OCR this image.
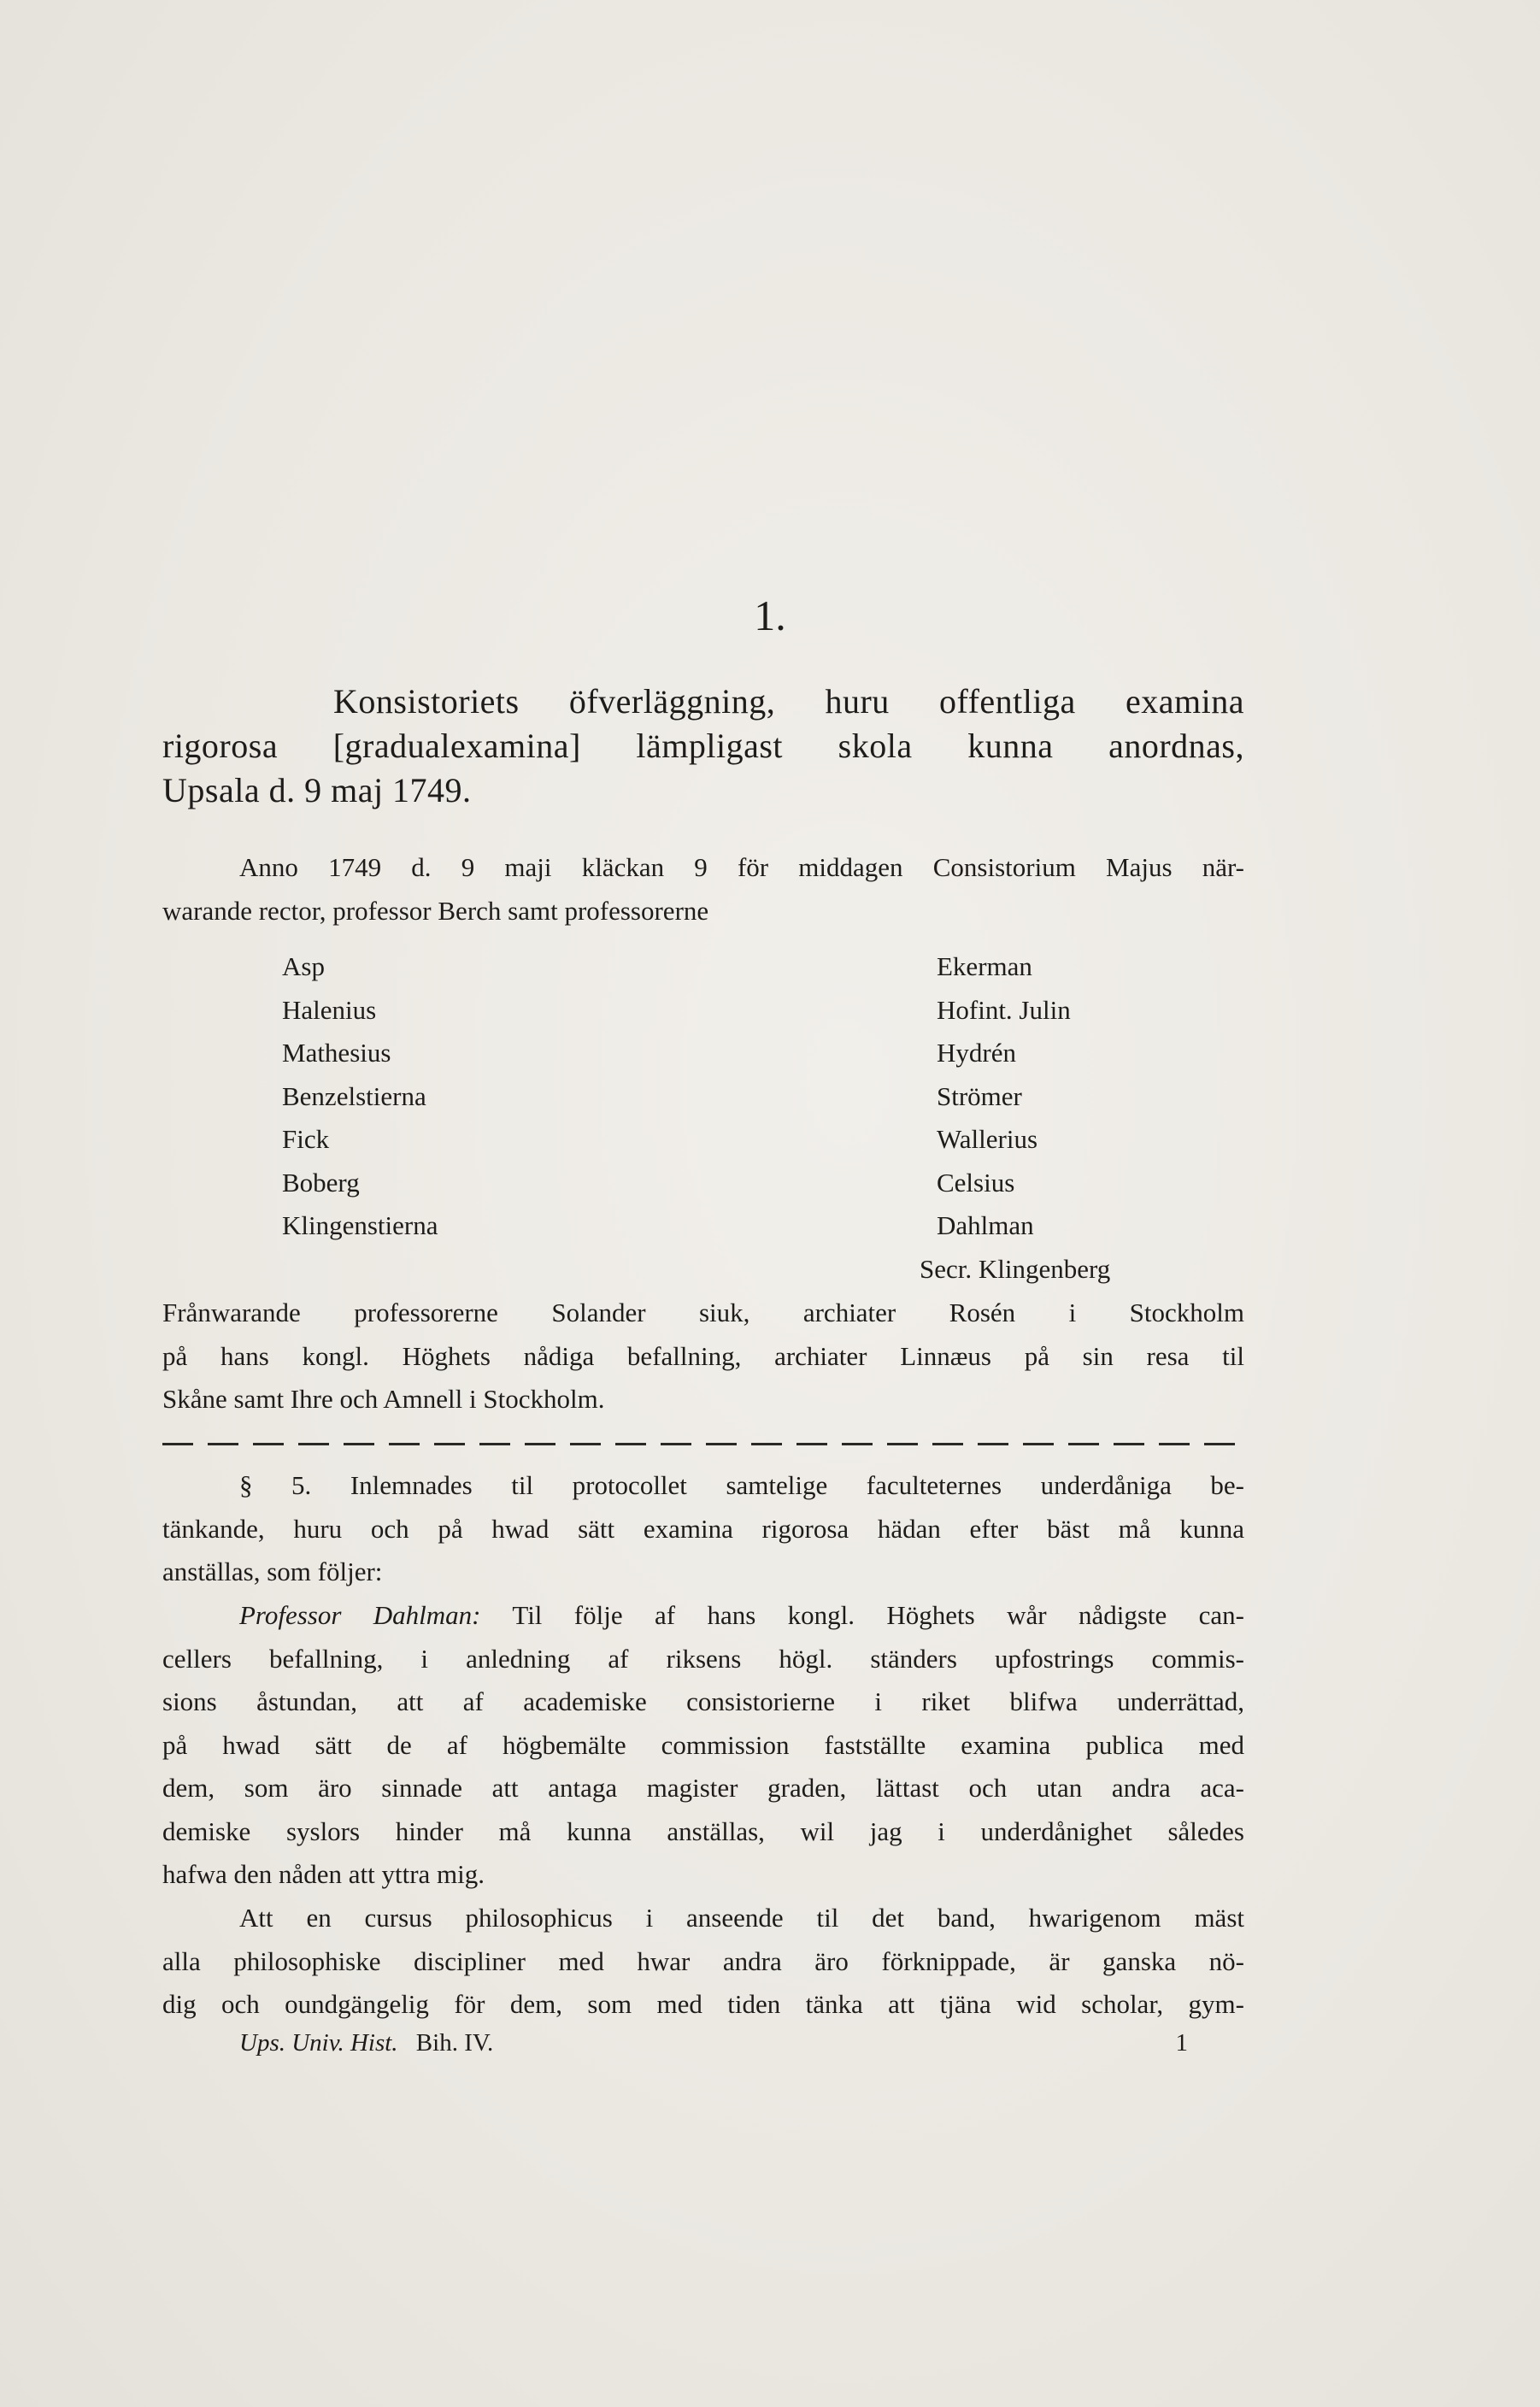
1.
Konsistoriets öfverläggning, huru offentliga examina
rigorosa [gradualexamina] lämpligast skola kunna anordnas,
Upsala d. 9 maj 1749.
Anno 1749 d. 9 maji kläckan 9 för middagen Consistorium Majus när-
warande rector, professor Berch samt professorerne
Asp
Halenius
Mathesius
Benzelstierna
Fick
Boberg
Klingenstierna
Ekerman
Hofint. Julin
Hydrén
Strömer
Wallerius
Celsius
Dahlman
Secr. Klingenberg
Frånwarande professorerne Solander siuk, archiater Rosén i Stockholm
på hans kongl. Höghets nådiga befallning, archiater Linnæus på sin resa til
Skåne samt Ihre och Amnell i Stockholm.
§ 5. Inlemnades til protocollet samtelige faculteternes underdåniga be-
tänkande, huru och på hwad sätt examina rigorosa hädan efter bäst må kunna
anställas, som följer:
Professor Dahlman: Til följe af hans kongl. Höghets wår nådigste can-
cellers befallning, i anledning af riksens högl. ständers upfostrings commis-
sions åstundan, att af academiske consistorierne i riket blifwa underrättad,
på hwad sätt de af högbemälte commission fastställte examina publica med
dem, som äro sinnade att antaga magister graden, lättast och utan andra aca-
demiske syslors hinder må kunna anställas, wil jag i underdånighet således
hafwa den nåden att yttra mig.
Att en cursus philosophicus i anseende til det band, hwarigenom mäst
alla philosophiske discipliner med hwar andra äro förknippade, är ganska nö-
dig och oundgängelig för dem, som med tiden tänka att tjäna wid scholar, gym-
Ups. Univ. Hist. Bih. IV.	1
